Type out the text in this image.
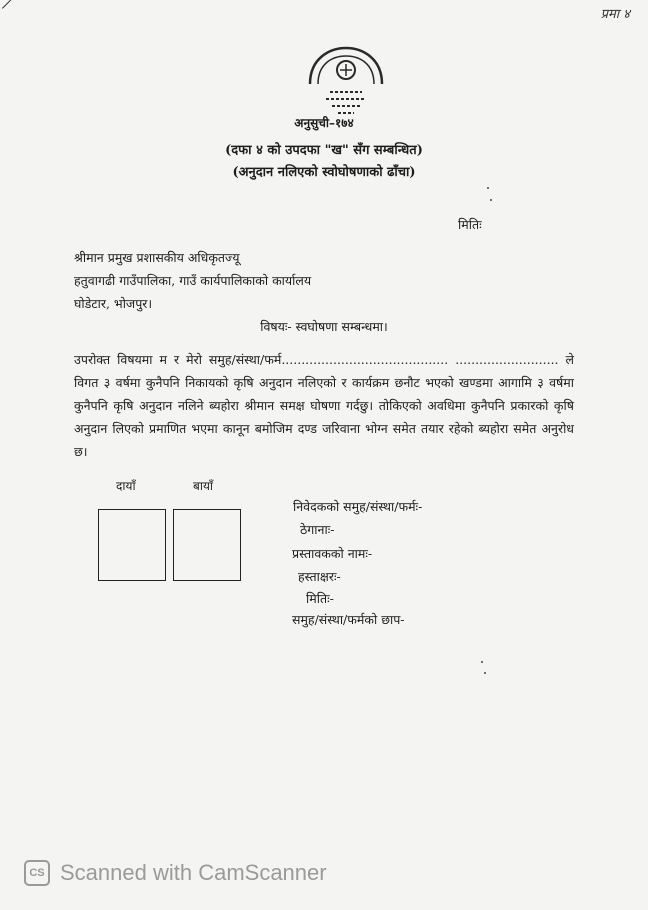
प्रमा ४
अनुसुची–१७४
(दफा ४ को उपदफा "ख" सँग सम्बन्धित)
(अनुदान नलिएको स्वोघोषणाको ढाँचा)
मितिः
श्रीमान प्रमुख प्रशासकीय अधिकृतज्यू
हतुवागढी गाउँपालिका, गाउँ कार्यपालिकाको कार्यालय
घोडेटार, भोजपुर।
विषयः- स्वघोषणा सम्बन्धमा।
उपरोक्त विषयमा म र मेरो समुह/संस्था/फर्म.......................................... .......................... ले विगत ३ वर्षमा कुनैपनि निकायको कृषि अनुदान नलिएको र कार्यक्रम छनौट भएको खण्डमा आगामि ३ वर्षमा कुनैपनि कृषि अनुदान नलिने ब्यहोरा श्रीमान समक्ष घोषणा गर्दछु। तोकिएको अवधिमा कुनैपनि प्रकारको कृषि अनुदान लिएको प्रमाणित भएमा कानून बमोजिम दण्ड जरिवाना भोग्न समेत तयार रहेको ब्यहोरा समेत अनुरोध छ।
दायाँ	बायाँ
निवेदकको समुह/संस्था/फर्मः-
ठेगानाः-
प्रस्तावकको नामः-
हस्ताक्षरः-
मितिः-
समुह/संस्था/फर्मको छाप-
CS Scanned with CamScanner
